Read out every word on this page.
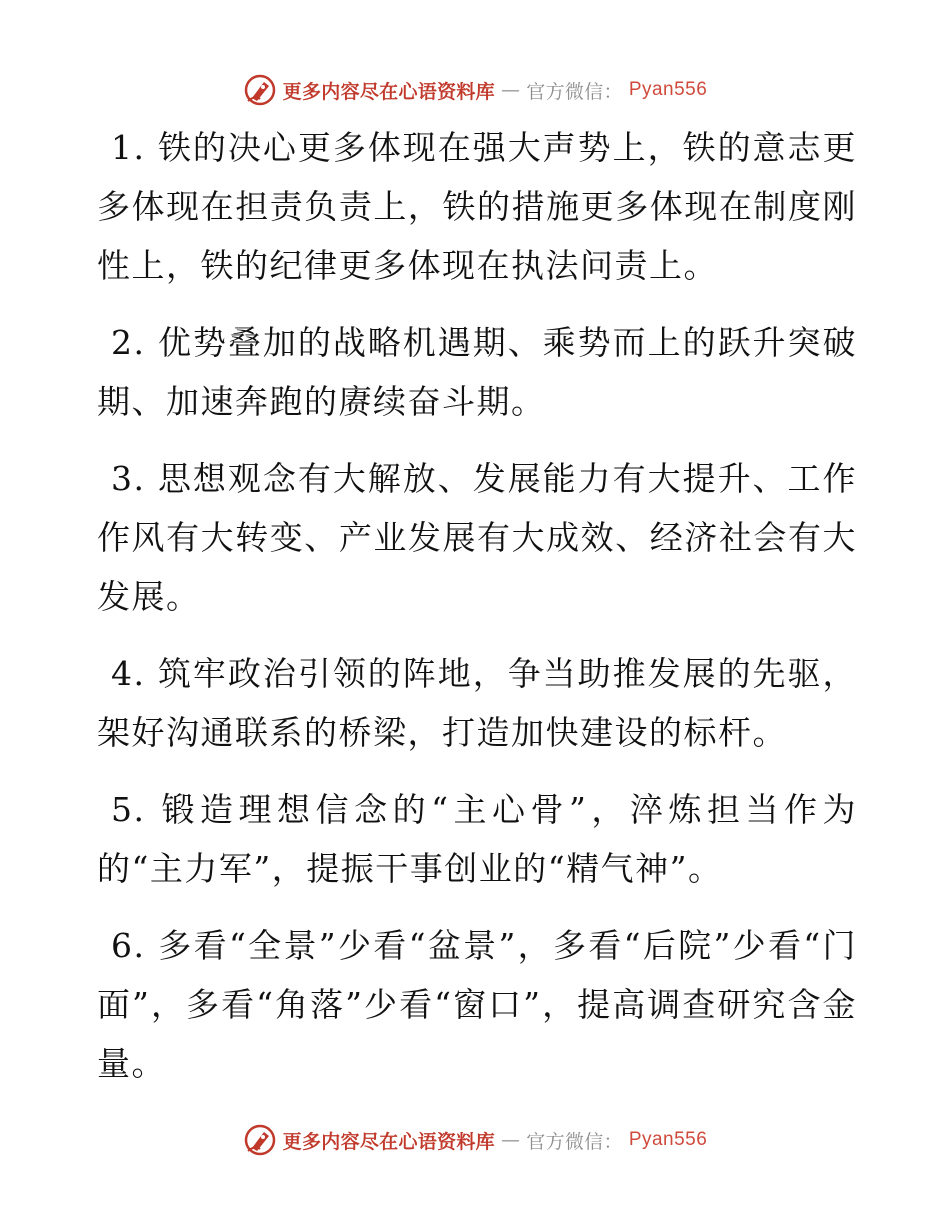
更多内容尽在心语资料库 — 官方微信： Pyan556

1. 铁的决心更多体现在强大声势上，铁的意志更多体现在担责负责上，铁的措施更多体现在制度刚性上，铁的纪律更多体现在执法问责上。

2. 优势叠加的战略机遇期、乘势而上的跃升突破期、加速奔跑的赓续奋斗期。

3. 思想观念有大解放、发展能力有大提升、工作作风有大转变、产业发展有大成效、经济社会有大发展。

4. 筑牢政治引领的阵地，争当助推发展的先驱，架好沟通联系的桥梁，打造加快建设的标杆。

5. 锻造理想信念的“主心骨”，淬炼担当作为的“主力军”，提振干事创业的“精气神”。

6. 多看“全景”少看“盆景”，多看“后院”少看“门面”，多看“角落”少看“窗口”，提高调查研究含金量。

更多内容尽在心语资料库 — 官方微信： Pyan556
